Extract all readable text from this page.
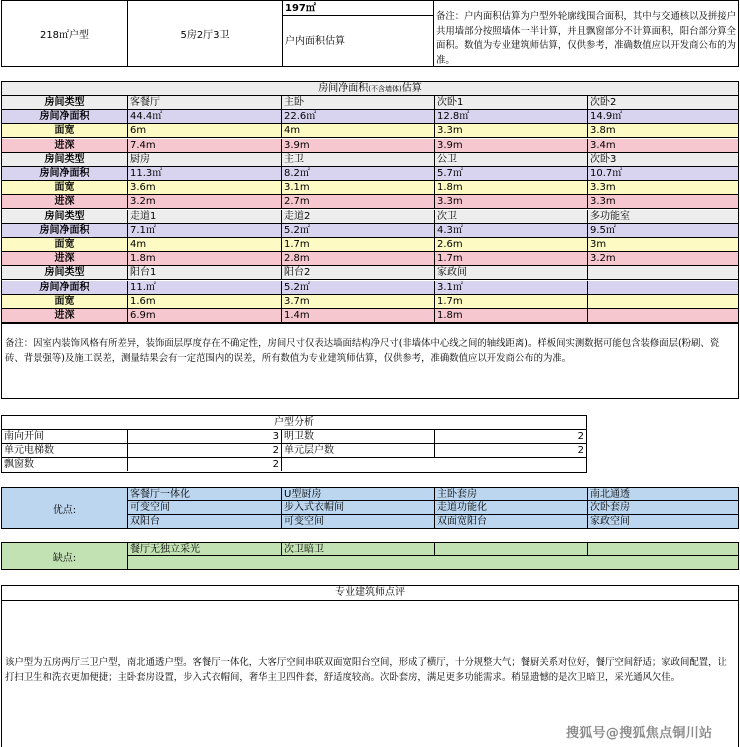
218㎡户型	5房2厅3卫
197㎡
户内面积估算
备注：户内面积估算为户型外轮廓线围合面积，其中与交通核以及拼接户共用墙部分按照墙体一半计算，并且飘窗部分不计算面积，阳台部分算全面积。数值为专业建筑师估算，仅供参考，准确数值应以开发商公布的为准。
房间净面积(不含墙体)估算
房间类型	客餐厅	主卧	次卧1	次卧2
房间净面积	44.4㎡	22.6㎡	12.8㎡	14.9㎡
面宽	6m	4m	3.3m	3.8m
进深	7.4m	3.9m	3.9m	3.4m
房间类型	厨房	主卫	公卫	次卧3
房间净面积	11.3㎡	8.2㎡	5.7㎡	10.7㎡
面宽	3.6m	3.1m	1.8m	3.3m
进深	3.2m	2.7m	3.3m	3.3m
房间类型	走道1	走道2	次卫	多功能室
房间净面积	7.1㎡	5.2㎡	4.3㎡	9.5㎡
面宽	4m	1.7m	2.6m	3m
进深	1.8m	2.8m	1.7m	3.2m
房间类型	阳台1	阳台2	家政间
房间净面积	11.㎡	5.2㎡	3.1㎡
面宽	1.6m	3.7m	1.7m
进深	6.9m	1.4m	1.8m
备注：因室内装饰风格有所差异，装饰面层厚度存在不确定性，房间尺寸仅表达墙面结构净尺寸(非墙体中心线之间的轴线距离)。样板间实测数据可能包含装修面层(粉刷、瓷砖、背景强等)及施工误差，测量结果会有一定范围内的误差，所有数值为专业建筑师估算，仅供参考，准确数值应以开发商公布的为准。
户型分析
南向开间	3 明卫数	2
单元电梯数	2 单元层户数	2
飘窗数	2
优点:
客餐厅一体化	U型厨房	主卧套房	南北通透
可变空间	步入式衣帽间	走道功能化	次卧套房
双阳台	可变空间	双面宽阳台	家政空间
缺点:
餐厅无独立采光	次卫暗卫
专业建筑师点评
该户型为五房两厅三卫户型，南北通透户型。客餐厅一体化，大客厅空间串联双面宽阳台空间，形成了横厅，十分规整大气；餐厨关系对位好，餐厅空间舒适；家政间配置，让打扫卫生和洗衣更加便捷；主卧套房设置，步入式衣帽间，奢华主卫四件套，舒适度较高。次卧套房，满足更多功能需求。稍显遗憾的是次卫暗卫，采光通风欠佳。
搜狐号@搜狐焦点铜川站
